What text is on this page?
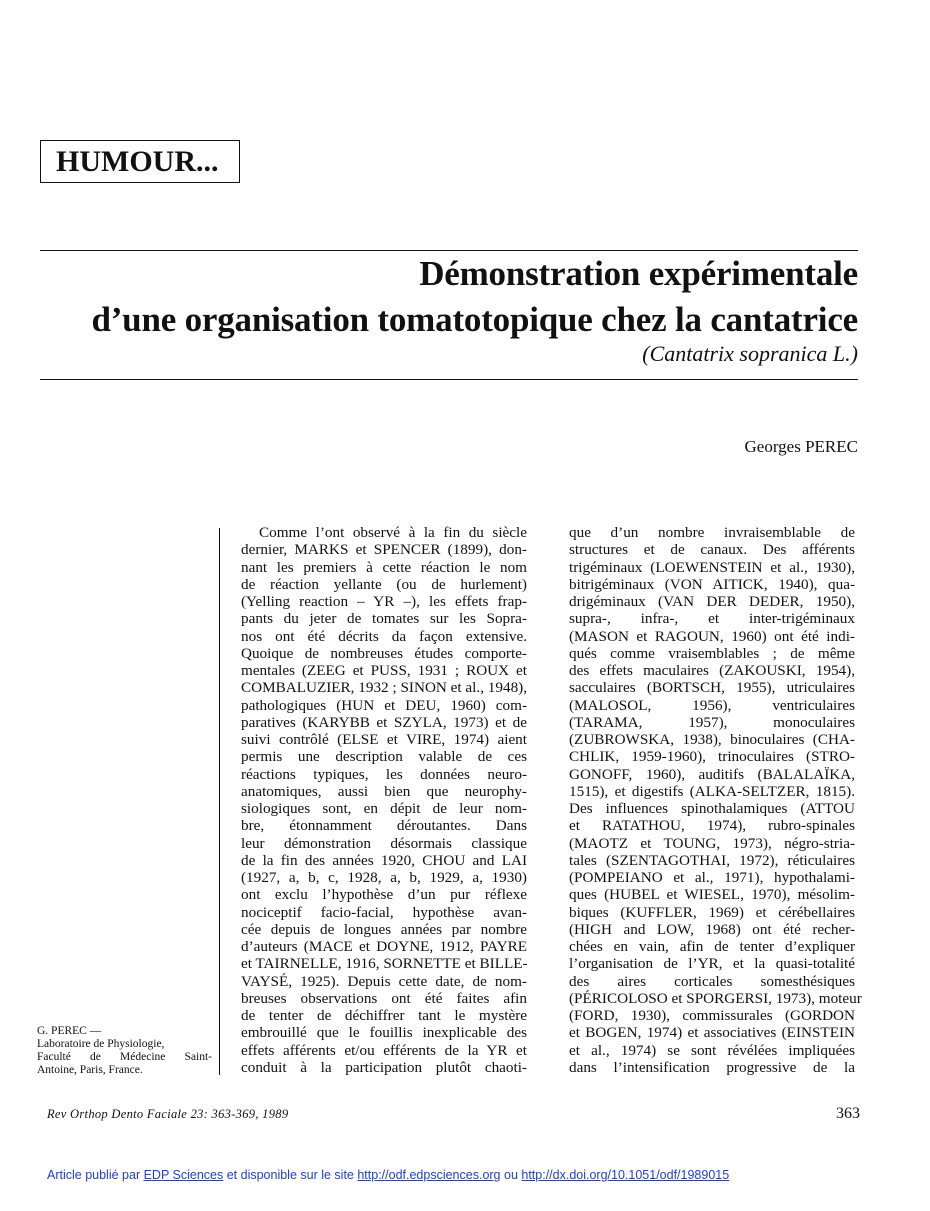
HUMOUR...
Démonstration expérimentale
d’une organisation tomatotopique chez la cantatrice
(Cantatrix sopranica L.)
Georges PEREC
G. PEREC —
Laboratoire de Physiologie,
Faculté de Médecine Saint-
Antoine, Paris, France.
Comme l’ont observé à la fin du siècle
dernier, MARKS et SPENCER (1899), don-
nant les premiers à cette réaction le nom
de réaction yellante (ou de hurlement)
(Yelling reaction – YR –), les effets frap-
pants du jeter de tomates sur les Sopra-
nos ont été décrits da façon extensive.
Quoique de nombreuses études comporte-
mentales (ZEEG et PUSS, 1931 ; ROUX et
COMBALUZIER, 1932 ; SINON et al., 1948),
pathologiques (HUN et DEU, 1960) com-
paratives (KARYBB et SZYLA, 1973) et de
suivi contrôlé (ELSE et VIRE, 1974) aient
permis une description valable de ces
réactions typiques, les données neuro-
anatomiques, aussi bien que neurophy-
siologiques sont, en dépit de leur nom-
bre, étonnamment déroutantes. Dans
leur démonstration désormais classique
de la fin des années 1920, CHOU and LAI
(1927, a, b, c, 1928, a, b, 1929, a, 1930)
ont exclu l’hypothèse d’un pur réflexe
nociceptif facio-facial, hypothèse avan-
cée depuis de longues années par nombre
d’auteurs (MACE et DOYNE, 1912, PAYRE
et TAIRNELLE, 1916, SORNETTE et BILLE-
VAYSÉ, 1925). Depuis cette date, de nom-
breuses observations ont été faites afin
de tenter de déchiffrer tant le mystère
embrouillé que le fouillis inexplicable des
effets afférents et/ou efférents de la YR et
conduit à la participation plutôt chaoti-
que d’un nombre invraisemblable de
structures et de canaux. Des afférents
trigéminaux (LOEWENSTEIN et al., 1930),
bitrigéminaux (VON AITICK, 1940), qua-
drigéminaux (VAN DER DEDER, 1950),
supra-, infra-, et inter-trigéminaux
(MASON et RAGOUN, 1960) ont été indi-
qués comme vraisemblables ; de même
des effets maculaires (ZAKOUSKI, 1954),
sacculaires (BORTSCH, 1955), utriculaires
(MALOSOL, 1956), ventriculaires
(TARAMA, 1957), monoculaires
(ZUBROWSKA, 1938), binoculaires (CHA-
CHLIK, 1959-1960), trinoculaires (STRO-
GONOFF, 1960), auditifs (BALALAÏKA,
1515), et digestifs (ALKA-SELTZER, 1815).
Des influences spinothalamiques (ATTOU
et RATATHOU, 1974), rubro-spinales
(MAOTZ et TOUNG, 1973), négro-stria-
tales (SZENTAGOTHAI, 1972), réticulaires
(POMPEIANO et al., 1971), hypothalami-
ques (HUBEL et WIESEL, 1970), mésolim-
biques (KUFFLER, 1969) et cérébellaires
(HIGH and LOW, 1968) ont été recher-
chées en vain, afin de tenter d’expliquer
l’organisation de l’YR, et la quasi-totalité
des aires corticales somesthésiques
(PÉRICOLOSO et SPORGERSI, 1973), moteur
(FORD, 1930), commissurales (GORDON
et BOGEN, 1974) et associatives (EINSTEIN
et al., 1974) se sont révélées impliquées
dans l’intensification progressive de la
Rev Orthop Dento Faciale 23: 363-369, 1989	363
Article publié par EDP Sciences et disponible sur le site http://odf.edpsciences.org ou http://dx.doi.org/10.1051/odf/1989015
